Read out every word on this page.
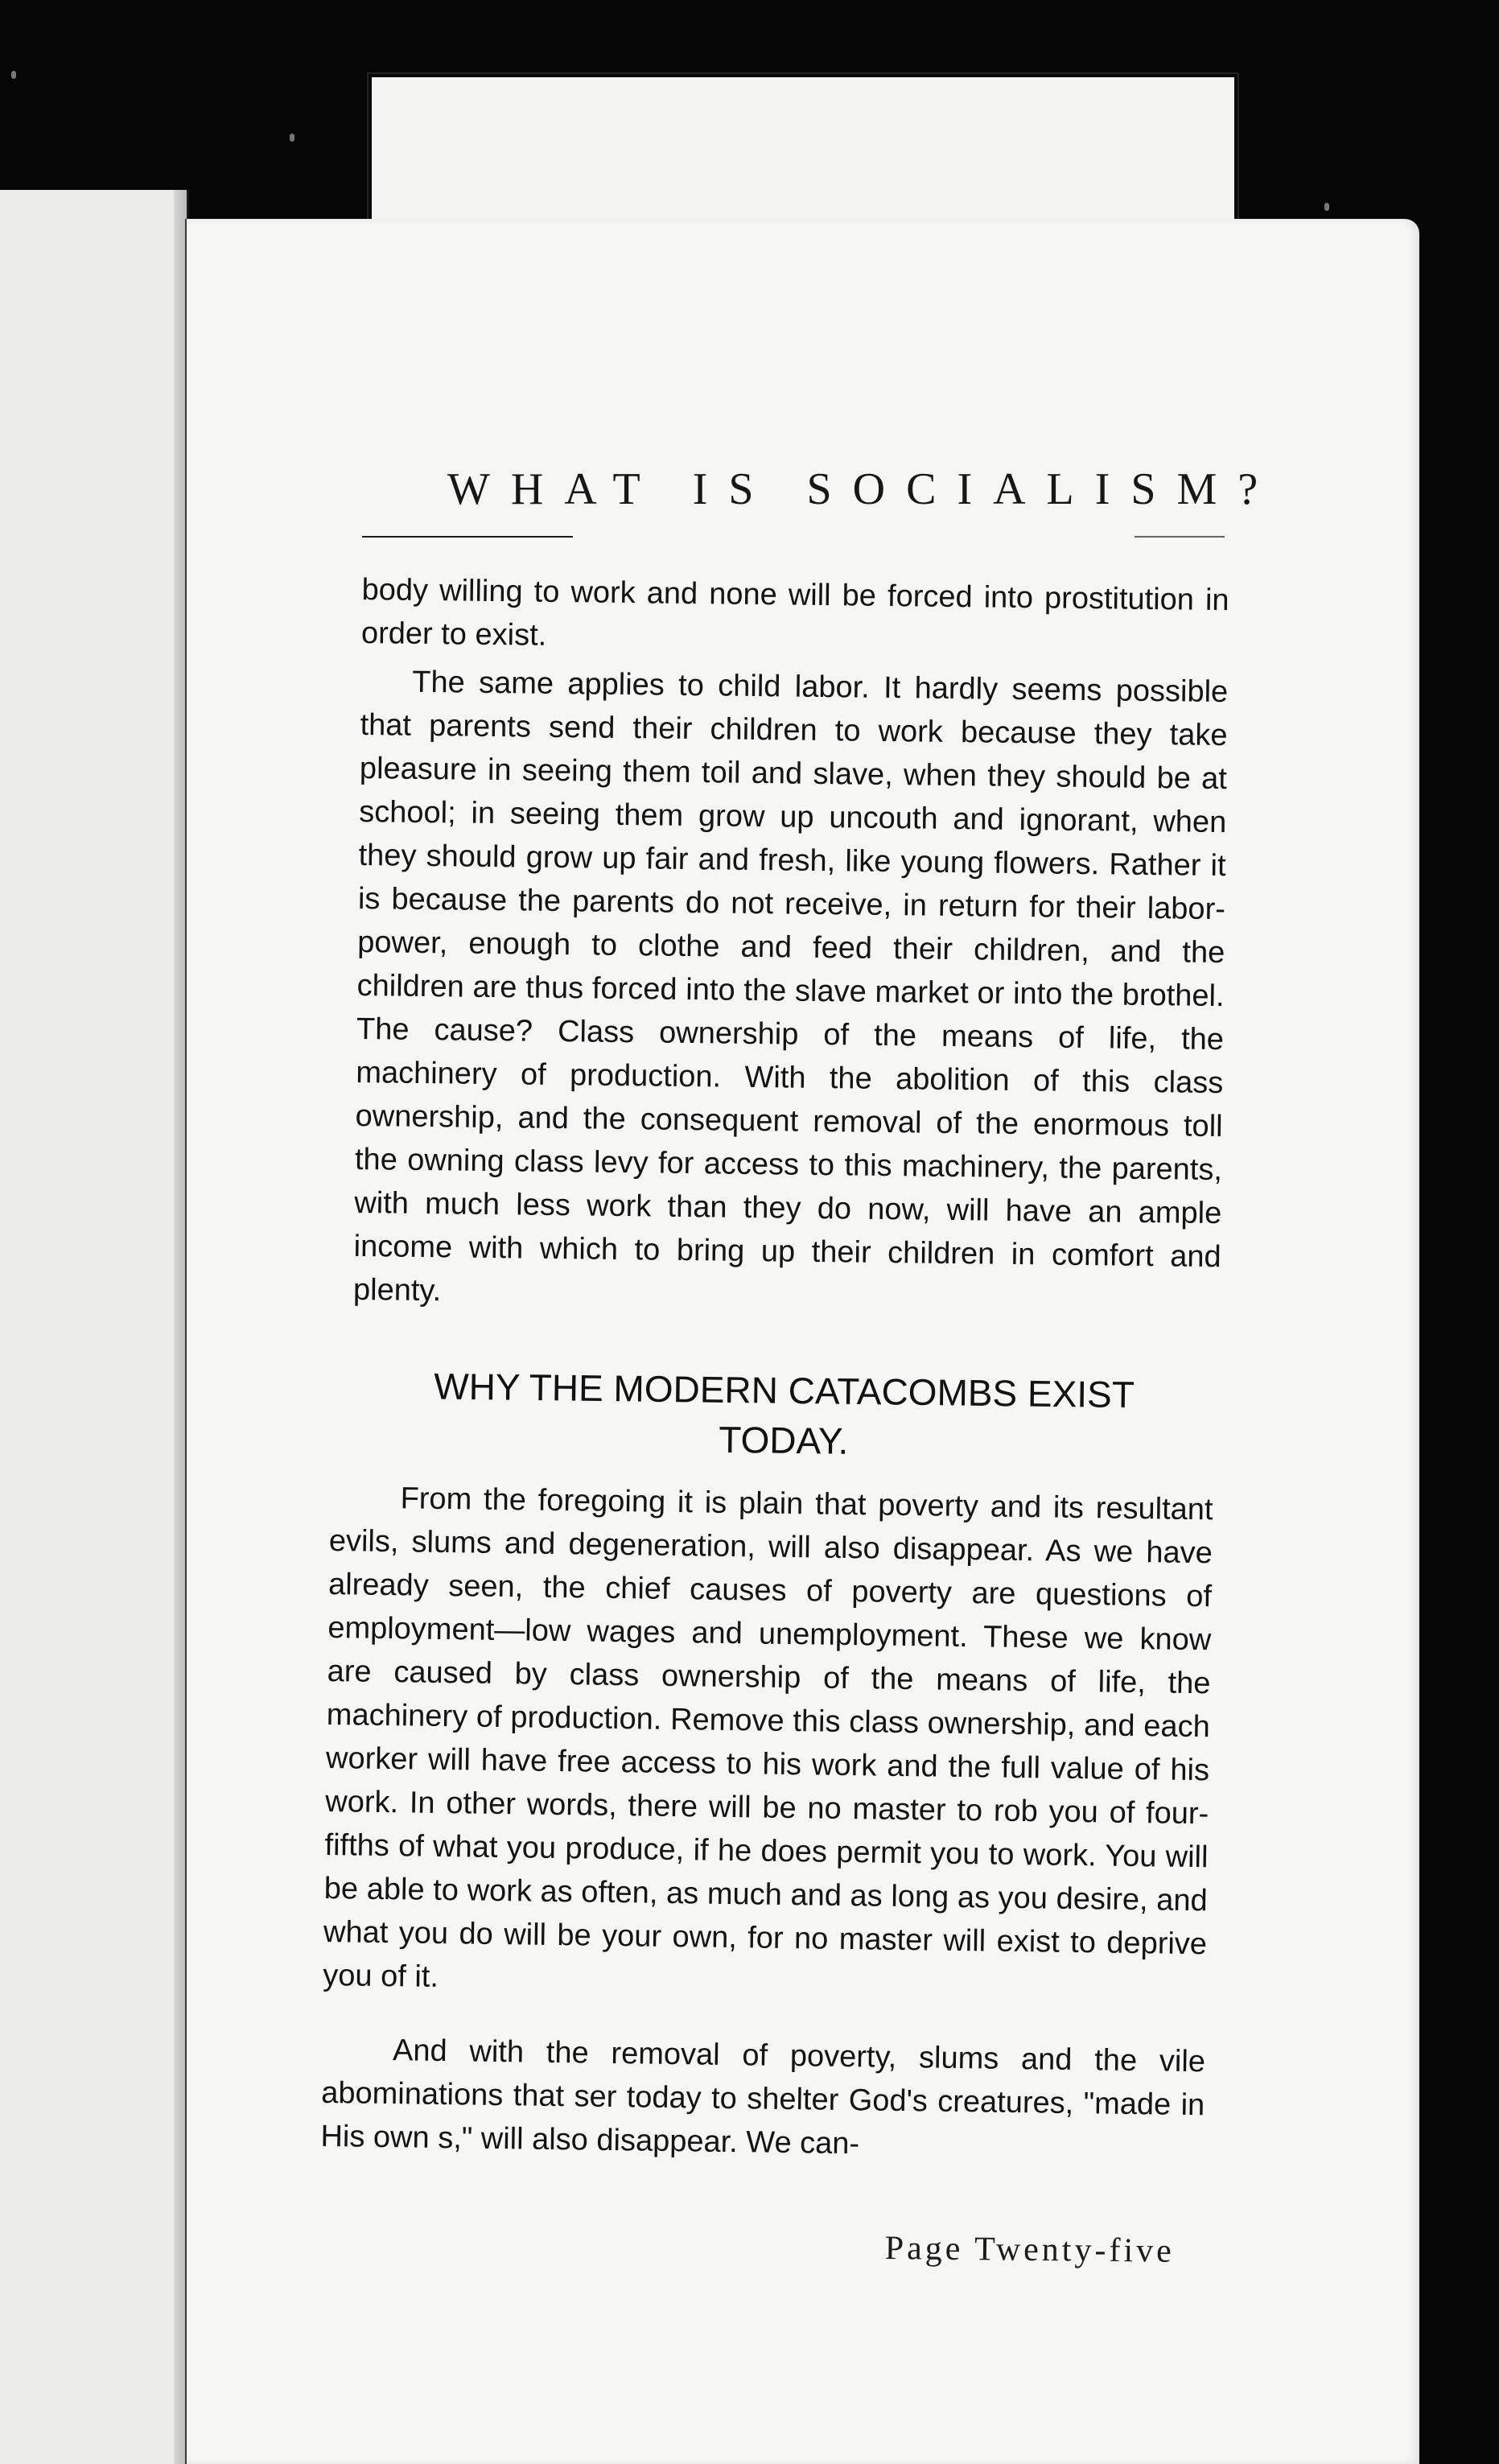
WHAT IS SOCIALISM?

body willing to work and none will be forced into prostitution in order to exist.

The same applies to child labor. It hardly seems possible that parents send their children to work because they take pleasure in seeing them toil and slave, when they should be at school; in seeing them grow up uncouth and ignorant, when they should grow up fair and fresh, like young flowers. Rather it is because the parents do not receive, in return for their labor-power, enough to clothe and feed their children, and the children are thus forced into the slave market or into the brothel. The cause? Class ownership of the means of life, the machinery of production. With the abolition of this class ownership, and the consequent removal of the enormous toll the owning class levy for access to this machinery, the parents, with much less work than they do now, will have an ample income with which to bring up their children in comfort and plenty.

WHY THE MODERN CATACOMBS EXIST
TODAY.

From the foregoing it is plain that poverty and its resultant evils, slums and degeneration, will also disappear. As we have already seen, the chief causes of poverty are questions of employment—low wages and unemployment. These we know are caused by class ownership of the means of life, the machinery of production. Remove this class ownership, and each worker will have free access to his work and the full value of his work. In other words, there will be no master to rob you of four-fifths of what you produce, if he does permit you to work. You will be able to work as often, as much and as long as you desire, and what you do will be your own, for no master will exist to deprive you of it.

And with the removal of poverty, slums and the vile abominations that ser today to shelter God's creatures, "made in His own s," will also disappear. We can-

Page Twenty-five
